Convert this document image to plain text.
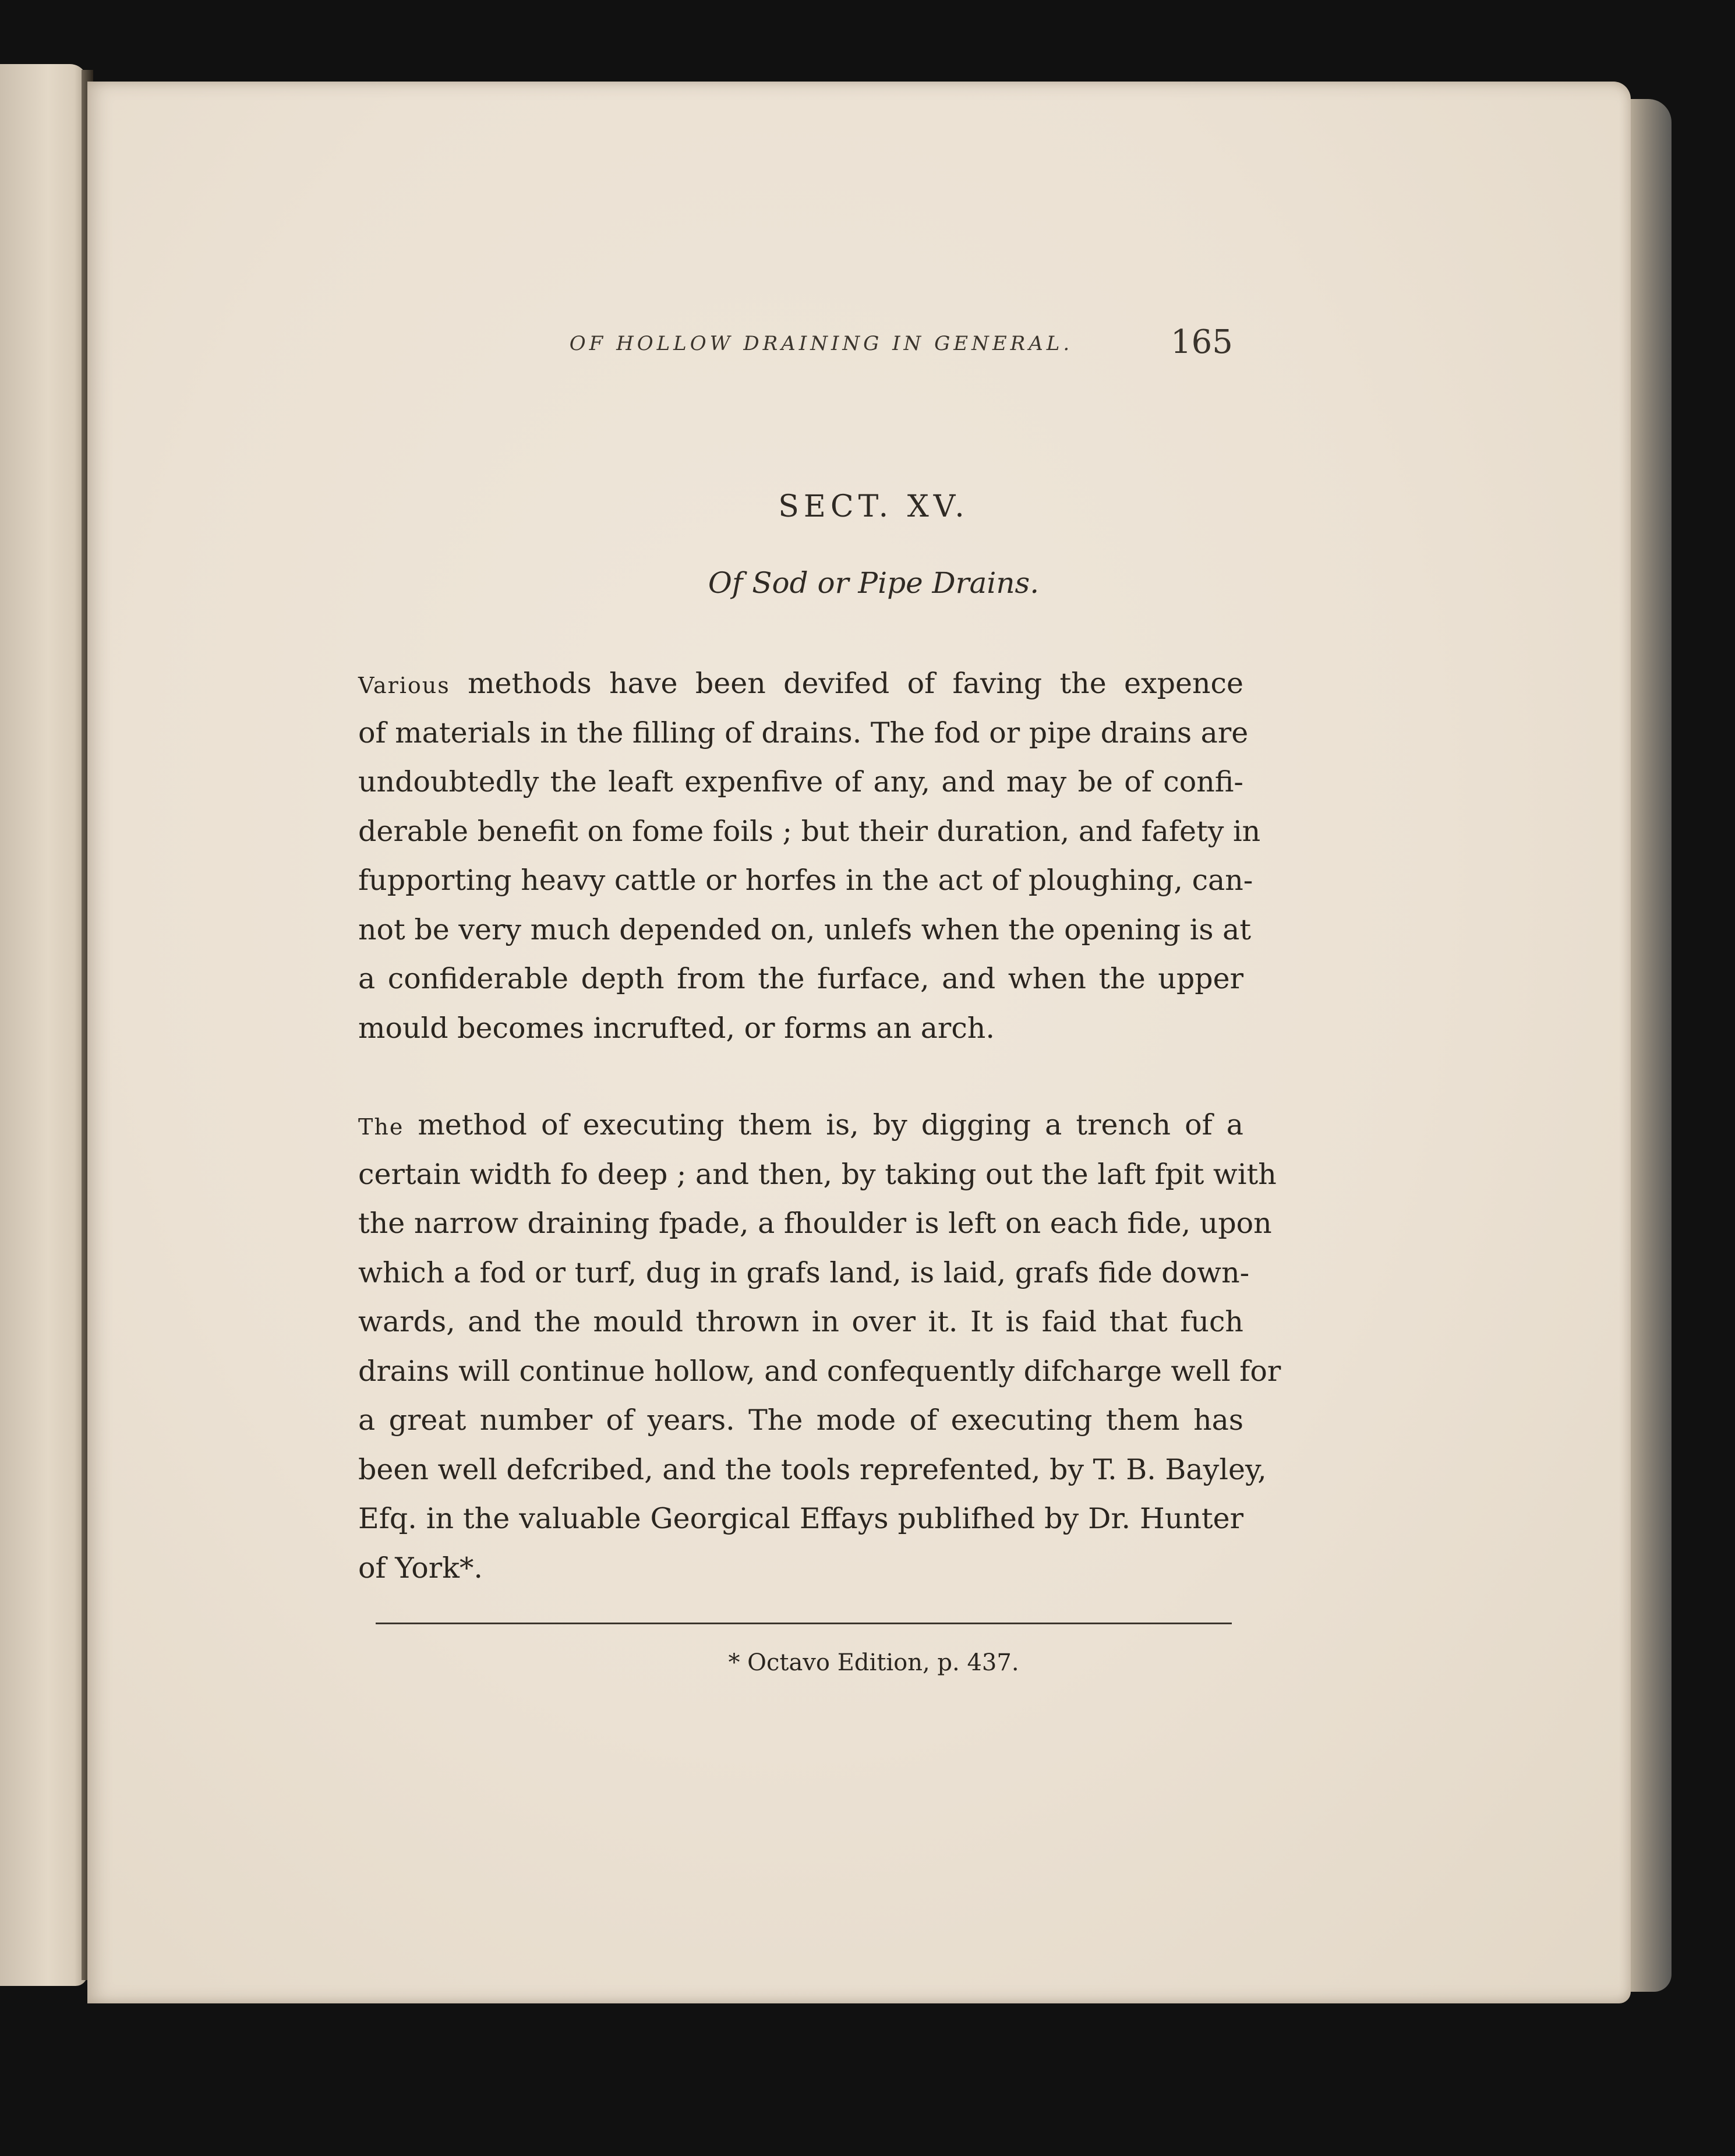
OF HOLLOW DRAINING IN GENERAL.	165
SECT. XV.
Of Sod or Pipe Drains.
Various methods have been devifed of faving the expence
of materials in the filling of drains. The fod or pipe drains are
undoubtedly the leaft expenfive of any, and may be of confi-
derable benefit on fome foils ; but their duration, and fafety in
fupporting heavy cattle or horfes in the act of ploughing, can-
not be very much depended on, unlefs when the opening is at
a confiderable depth from the furface, and when the upper
mould becomes incrufted, or forms an arch.
The method of executing them is, by digging a trench of a
certain width fo deep ; and then, by taking out the laft fpit with
the narrow draining fpade, a fhoulder is left on each fide, upon
which a fod or turf, dug in grafs land, is laid, grafs fide down-
wards, and the mould thrown in over it. It is faid that fuch
drains will continue hollow, and confequently difcharge well for
a great number of years. The mode of executing them has
been well defcribed, and the tools reprefented, by T. B. Bayley,
Efq. in the valuable Georgical Effays publifhed by Dr. Hunter
of York*.
* Octavo Edition, p. 437.
